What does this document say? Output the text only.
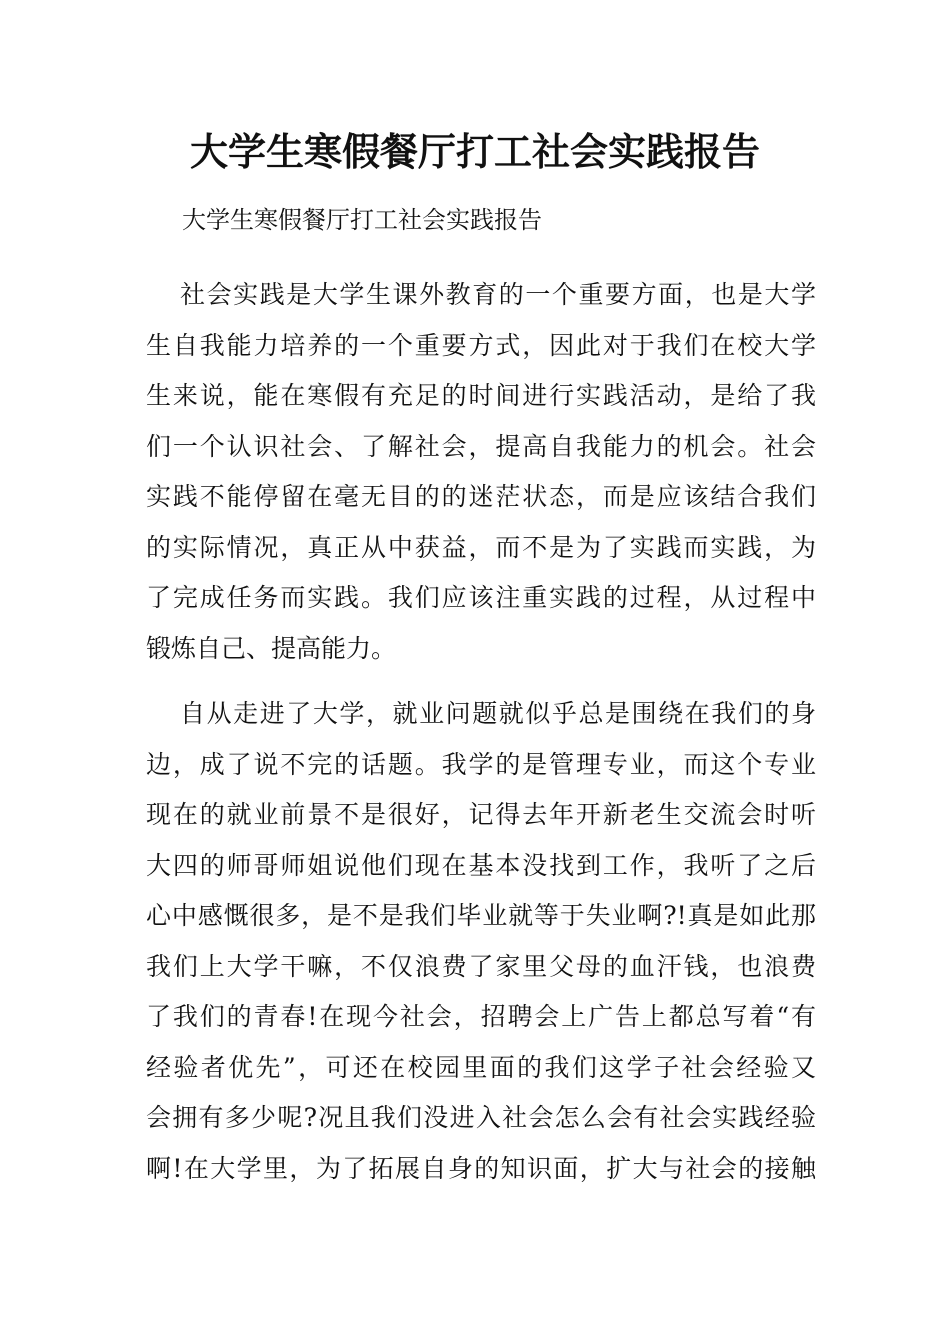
大学生寒假餐厅打工社会实践报告

大学生寒假餐厅打工社会实践报告

社会实践是大学生课外教育的一个重要方面，也是大学
生自我能力培养的一个重要方式，因此对于我们在校大学
生来说，能在寒假有充足的时间进行实践活动，是给了我
们一个认识社会、了解社会，提高自我能力的机会。社会
实践不能停留在毫无目的的迷茫状态，而是应该结合我们
的实际情况，真正从中获益，而不是为了实践而实践，为
了完成任务而实践。我们应该注重实践的过程，从过程中
锻炼自己、提高能力。
自从走进了大学，就业问题就似乎总是围绕在我们的身
边，成了说不完的话题。我学的是管理专业，而这个专业
现在的就业前景不是很好，记得去年开新老生交流会时听
大四的师哥师姐说他们现在基本没找到工作，我听了之后
心中感慨很多，是不是我们毕业就等于失业啊?!真是如此那
我们上大学干嘛，不仅浪费了家里父母的血汗钱，也浪费
了我们的青春!在现今社会，招聘会上广告上都总写着“有
经验者优先”，可还在校园里面的我们这学子社会经验又
会拥有多少呢?况且我们没进入社会怎么会有社会实践经验
啊!在大学里，为了拓展自身的知识面，扩大与社会的接触
